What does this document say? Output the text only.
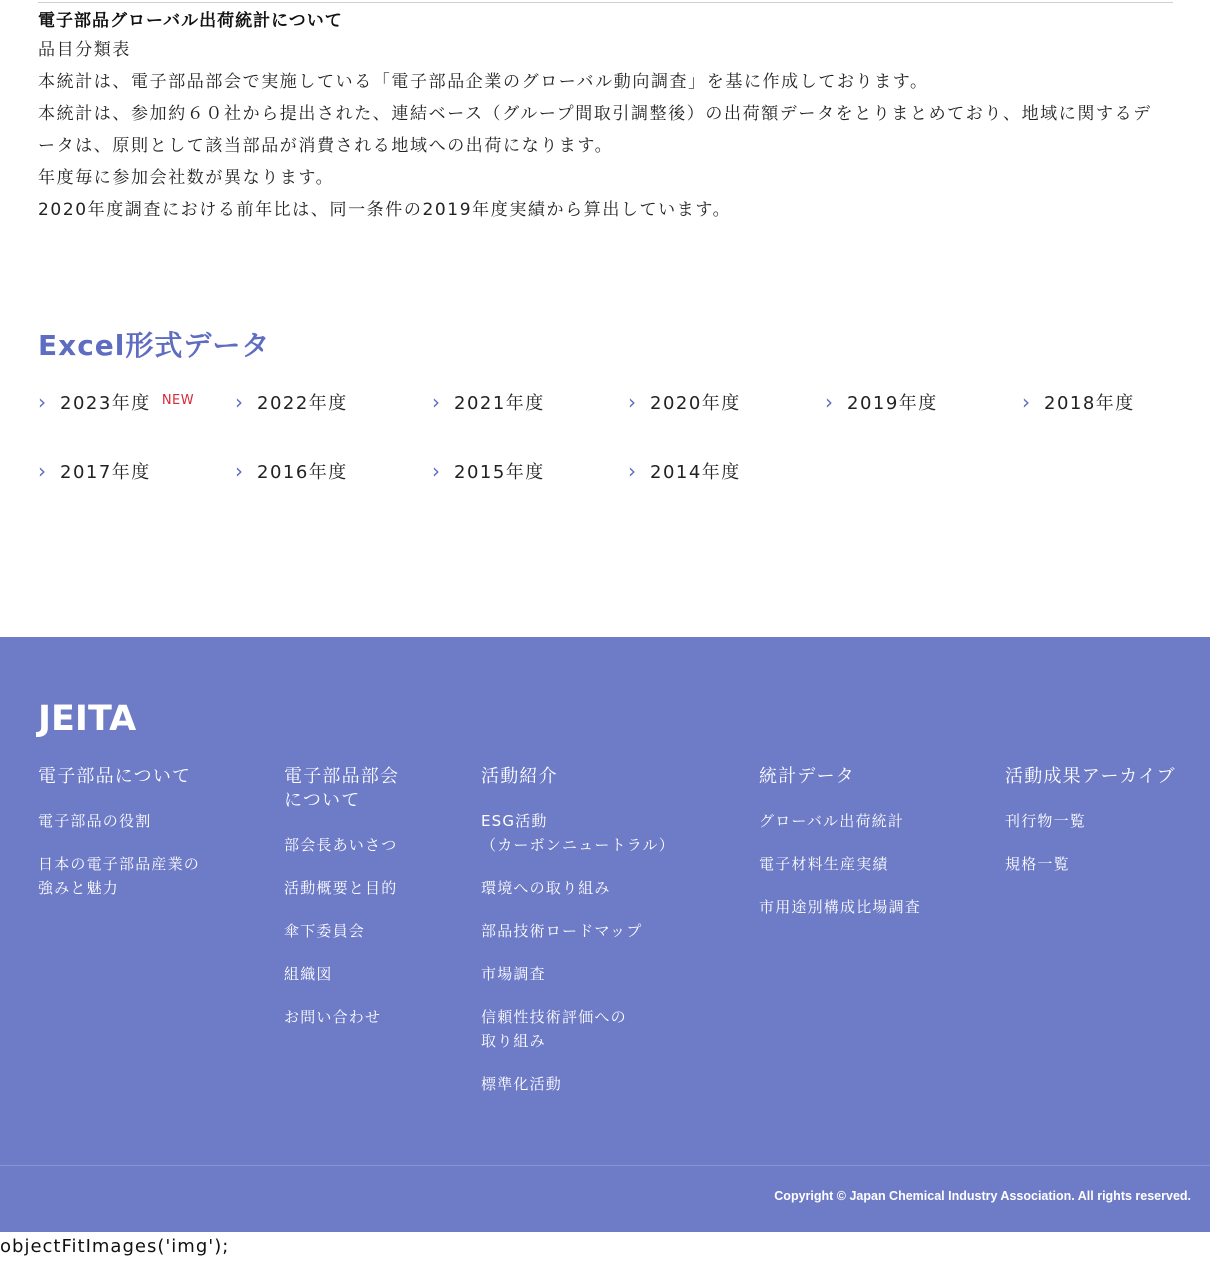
電子部品グローバル出荷統計について
品目分類表
本統計は、電子部品部会で実施している「電子部品企業のグローバル動向調査」を基に作成しております。
本統計は、参加約６０社から提出された、連結ベース（グループ間取引調整後）の出荷額データをとりまとめており、地域に関するデータは、原則として該当部品が消費される地域への出荷になります。
年度毎に参加会社数が異なります。
2020年度調査における前年比は、同一条件の2019年度実績から算出しています。
Excel形式データ
› 2023年度 NEW › 2022年度	› 2021年度	› 2020年度	› 2019年度	› 2018年度
› 2017年度	› 2016年度	› 2015年度	› 2014年度
JEITA
電子部品について
電子部品の役割
日本の電子部品産業の
強みと魅力
電子部品部会
について
部会長あいさつ
活動概要と目的
傘下委員会
組織図
お問い合わせ
活動紹介
ESG活動
（カーボンニュートラル）
環境への取り組み
部品技術ロードマップ
市場調査
信頼性技術評価への
取り組み
標準化活動
統計データ
グローバル出荷統計
電子材料生産実績
市用途別構成比場調査
活動成果アーカイブ
刊行物一覧
規格一覧
Copyright © Japan Chemical Industry Association. All rights reserved.
objectFitImages('img');
